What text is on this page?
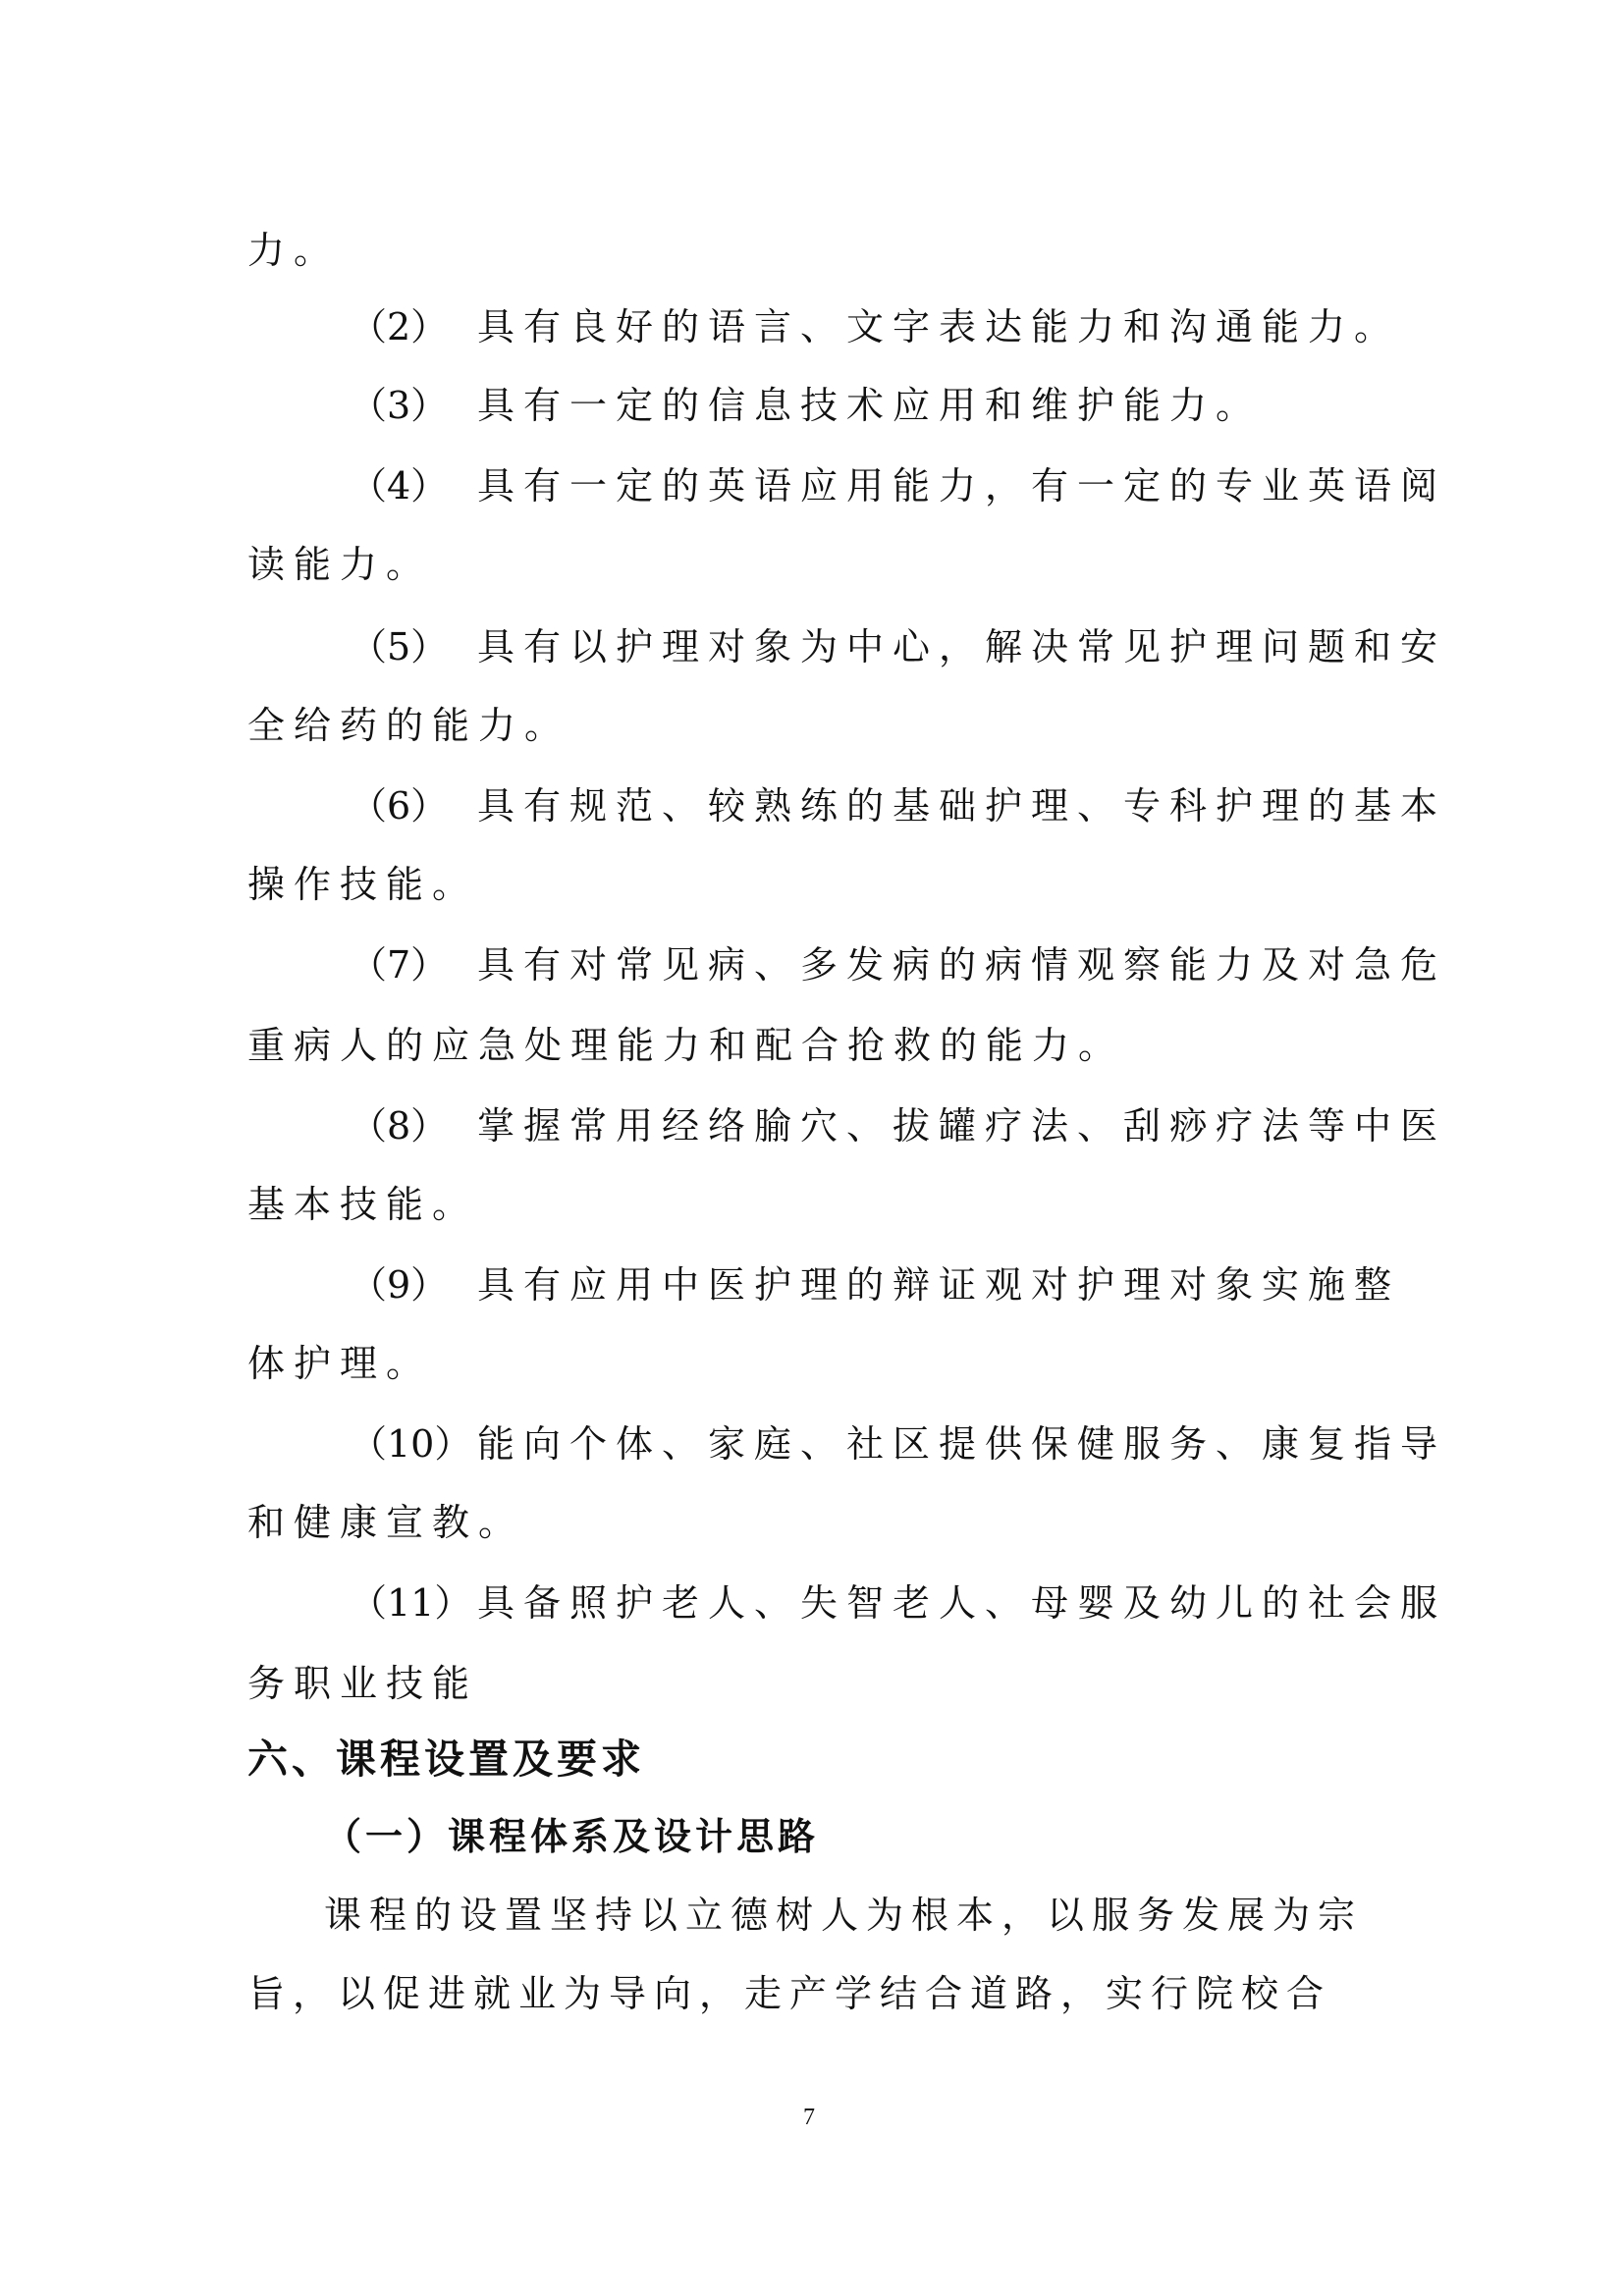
力。
（2） 具有良好的语言、文字表达能力和沟通能力。
（3） 具有一定的信息技术应用和维护能力。
（4） 具有一定的英语应用能力，有一定的专业英语阅
读能力。
（5） 具有以护理对象为中心，解决常见护理问题和安
全给药的能力。
（6） 具有规范、较熟练的基础护理、专科护理的基本
操作技能。
（7） 具有对常见病、多发病的病情观察能力及对急危
重病人的应急处理能力和配合抢救的能力。
（8） 掌握常用经络腧穴、拔罐疗法、刮痧疗法等中医
基本技能。
（9） 具有应用中医护理的辩证观对护理对象实施整
体护理。
（10） 能向个体、家庭、社区提供保健服务、康复指导
和健康宣教。
（11） 具备照护老人、失智老人、母婴及幼儿的社会服
务职业技能
六、课程设置及要求
（一）课程体系及设计思路
课程的设置坚持以立德树人为根本，以服务发展为宗
旨，以促进就业为导向，走产学结合道路，实行院校合
7
